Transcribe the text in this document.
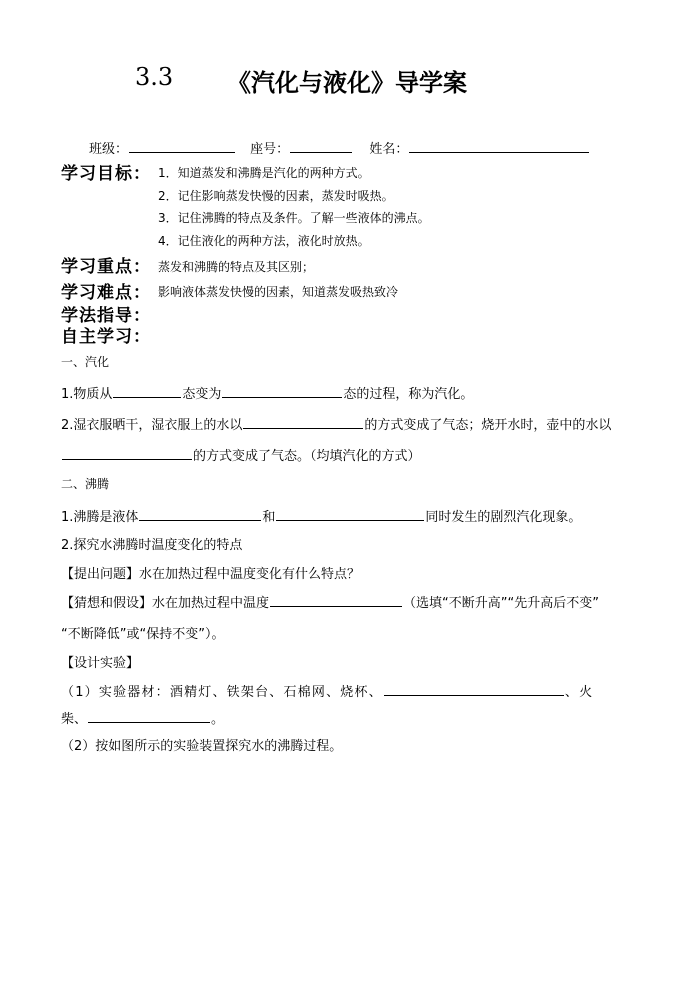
3.3 《汽化与液化》导学案
班级：	座号：	姓名：
学习目标： 1．知道蒸发和沸腾是汽化的两种方式。
2．记住影响蒸发快慢的因素，蒸发时吸热。
3．记住沸腾的特点及条件。了解一些液体的沸点。
4．记住液化的两种方法，液化时放热。
学习重点： 蒸发和沸腾的特点及其区别；
学习难点： 影响液体蒸发快慢的因素，知道蒸发吸热致冷
学法指导：
自主学习：
一、汽化
1.物质从	态变为	态的过程，称为汽化。
2.湿衣服晒干，湿衣服上的水以	的方式变成了气态；烧开水时，壶中的水以
的方式变成了气态。（均填汽化的方式）
二、沸腾
1.沸腾是液体	和	同时发生的剧烈汽化现象。
2.探究水沸腾时温度变化的特点
【提出问题】水在加热过程中温度变化有什么特点？
【猜想和假设】水在加热过程中温度	（选填“不断升高”“先升高后不变”
“不断降低”或“保持不变”）。
【设计实验】
（1）实验器材：酒精灯、铁架台、石棉网、烧杯、	、火
柴、	。
（2）按如图所示的实验装置探究水的沸腾过程。
